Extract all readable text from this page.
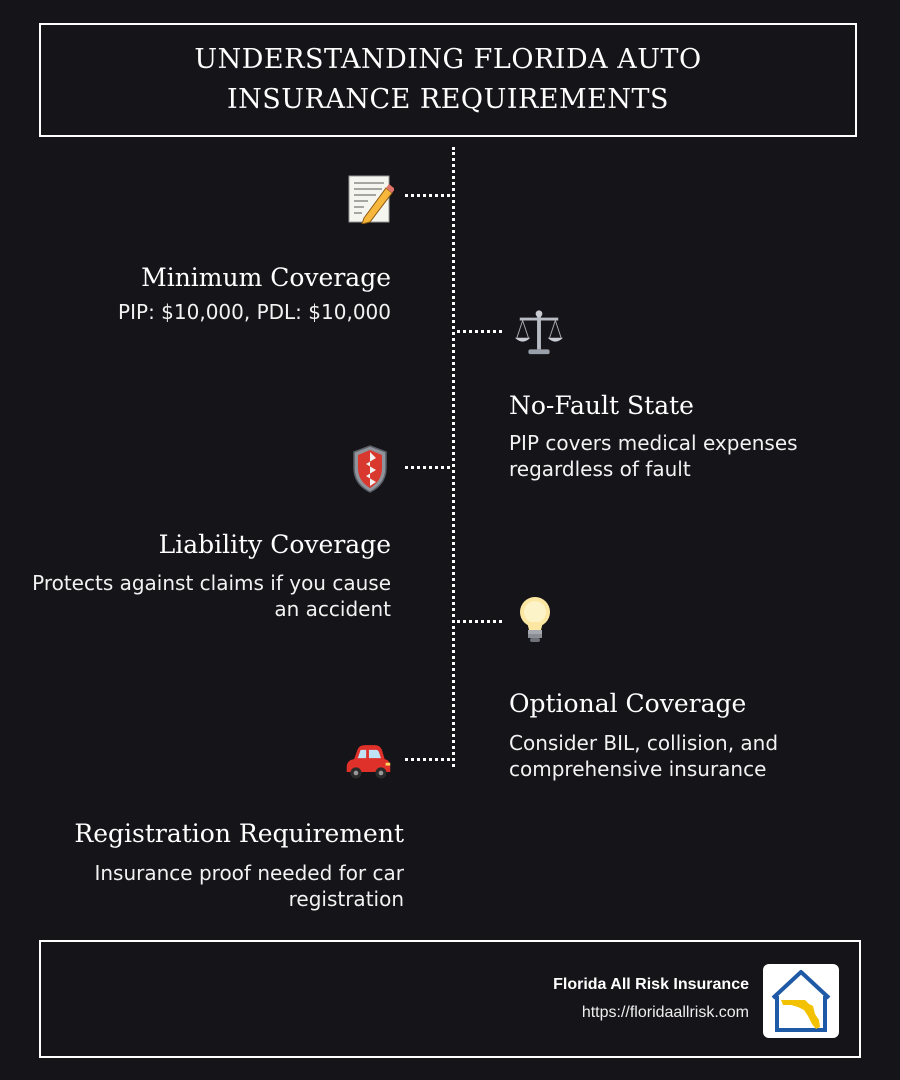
UNDERSTANDING FLORIDA AUTO INSURANCE REQUIREMENTS
Minimum Coverage
PIP: $10,000, PDL: $10,000
No-Fault State
PIP covers medical expenses regardless of fault
Liability Coverage
Protects against claims if you cause an accident
Optional Coverage
Consider BIL, collision, and comprehensive insurance
Registration Requirement
Insurance proof needed for car registration
Florida All Risk Insurance
https://floridaallrisk.com
